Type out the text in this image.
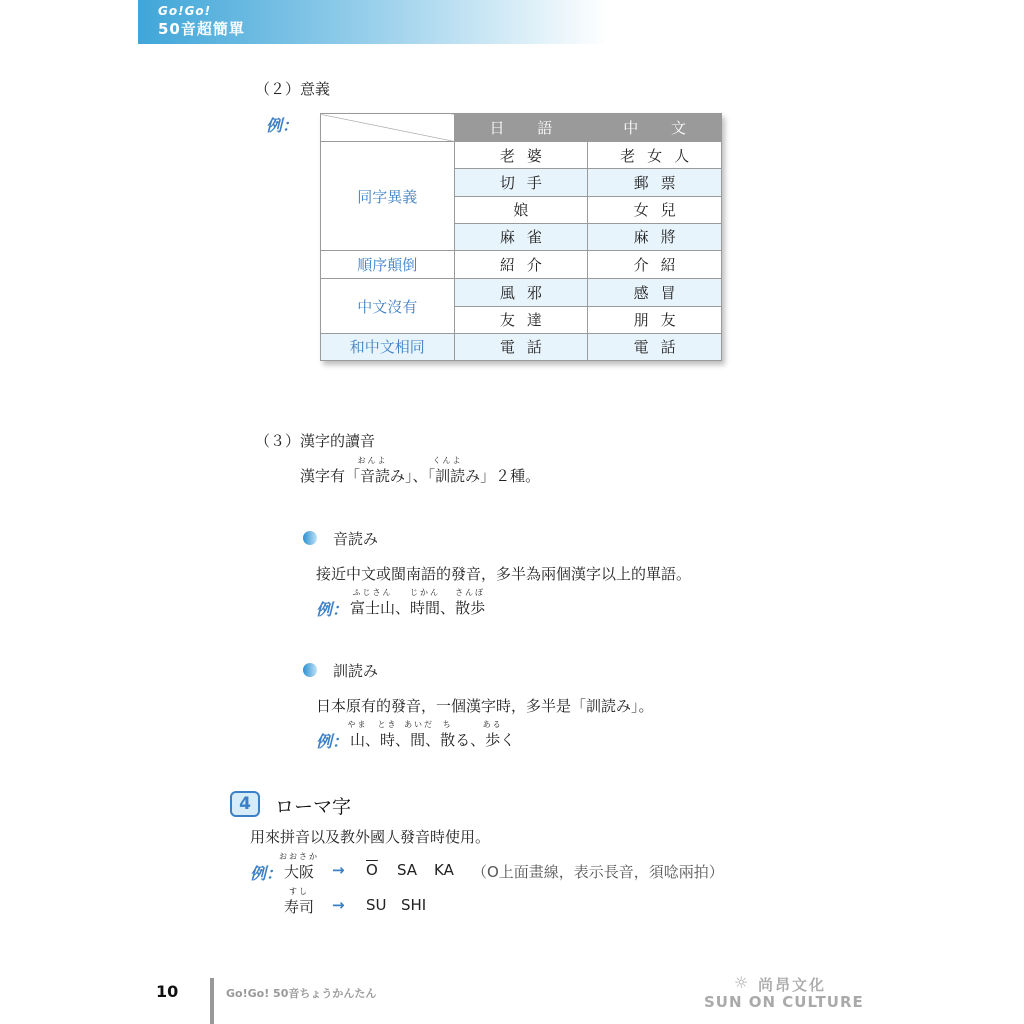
Go!Go!
50音超簡單
（２）意義
例：
		日 語	中 文
同字異義	老婆	老女人
	切手	郵票
	娘	女兒
	麻雀	麻將
順序顛倒	紹介	介紹
中文沒有	風邪	感冒
	友達	朋友
和中文相同	電話	電話
（３）漢字的讀音
漢字有「
おん
音
よ
読み」、「
くん
訓
よ
読み」２種。
音読み
接近中文或閩南語的發音，多半為兩個漢字以上的單語。
例：
ふじさん
富士山、
じかん
時間、
さんぽ
散歩
訓読み
日本原有的發音，一個漢字時，多半是「訓読み」。
例：
やま
山、
とき
時、
あいだ
間、
ち
散る、
ある
歩く
4	ローマ字
用來拼音以及教外國人發音時使用。
例：
おおさか
大阪 → $\overline{O}$ SA KA （O上面畫線，表示長音，須唸兩拍）
すし
寿司 → SU SHI
10	Go!Go! 50音ちょうかんたん
☼ 尚昂文化
SUN ON CULTURE
